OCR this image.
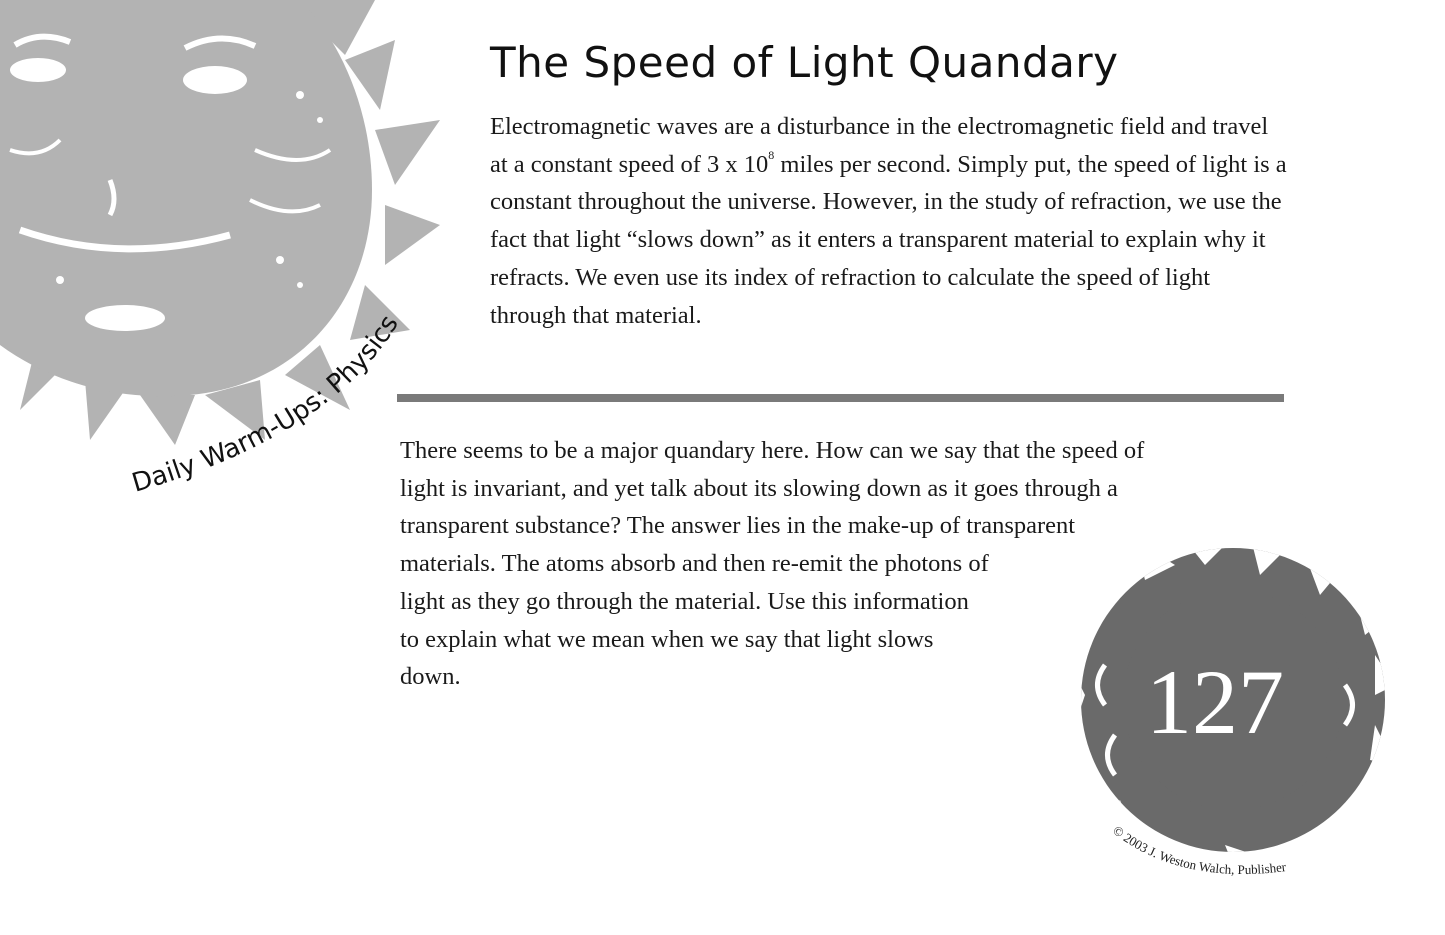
Daily Warm-Ups: Physics
The Speed of Light Quandary

Electromagnetic waves are a disturbance in the electromagnetic field and travel at a constant speed of 3 x $10^8$ miles per second. Simply put, the speed of light is a constant throughout the universe. However, in the study of refraction, we use the fact that light “slows down” as it enters a transparent material to explain why it refracts. We even use its index of refraction to calculate the speed of light through that material.

There seems to be a major quandary here. How can we say that the speed of
light is invariant, and yet talk about its slowing down as it goes through a
transparent substance? The answer lies in the make-up of transparent
materials. The atoms absorb and then re-emit the photons of
light as they go through the material. Use this information
to explain what we mean when we say that light slows
down.	127
© 2003 J. Weston Walch, Publisher
